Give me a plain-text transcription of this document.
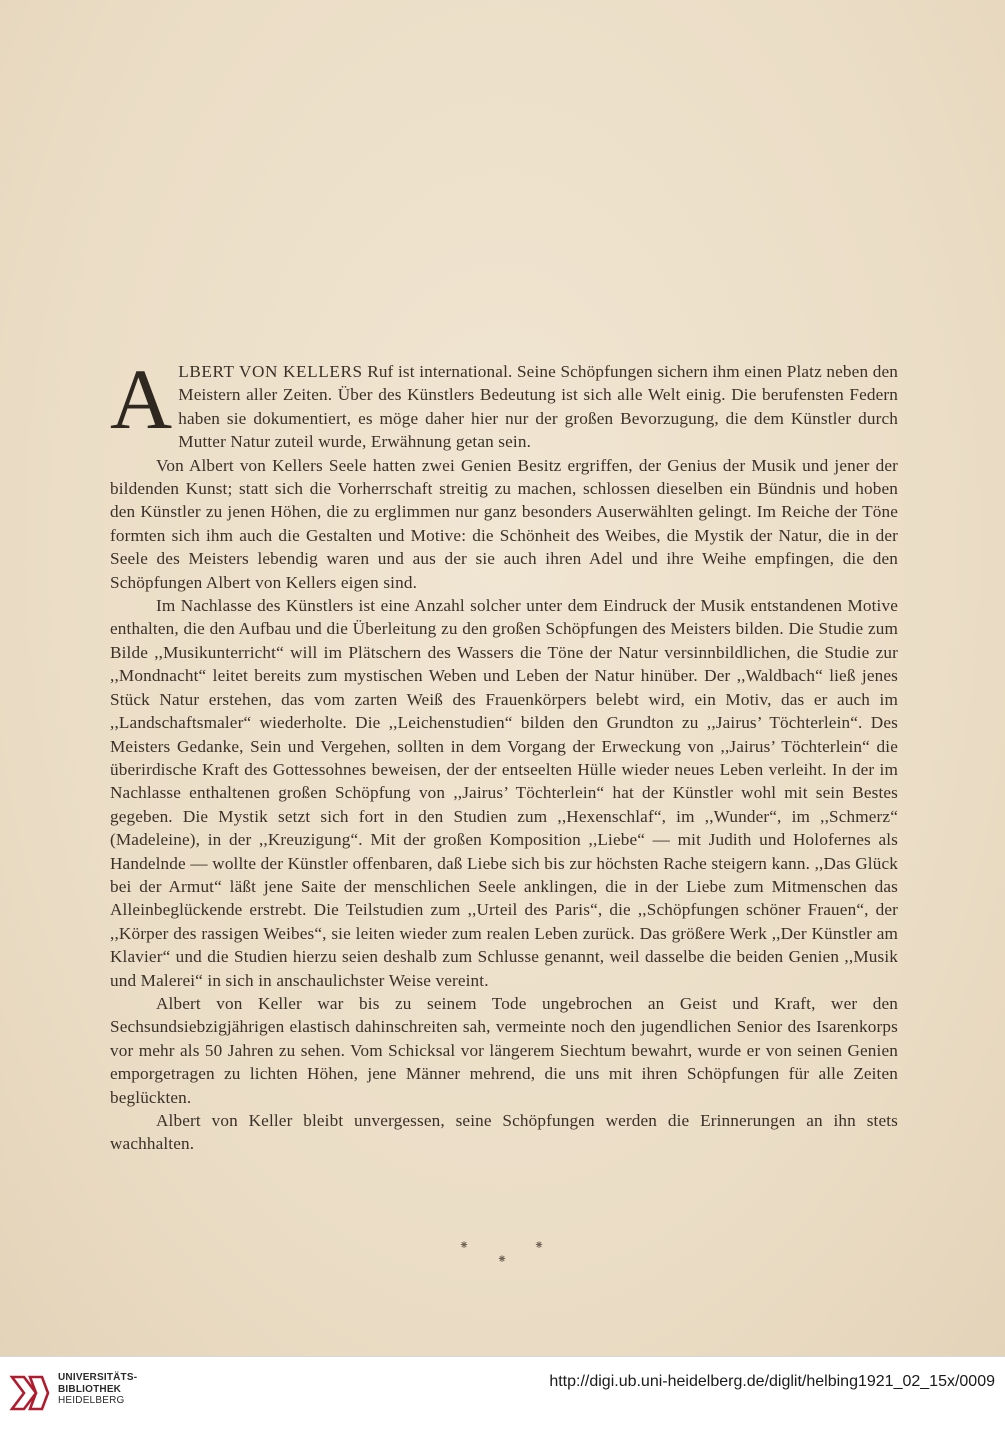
ALBERT VON KELLERS Ruf ist international. Seine Schöpfungen sichern ihm einen Platz neben den Meistern aller Zeiten. Über des Künstlers Bedeutung ist sich alle Welt einig. Die berufensten Federn haben sie dokumentiert, es möge daher hier nur der großen Bevorzugung, die dem Künstler durch Mutter Natur zuteil wurde, Erwähnung getan sein.

Von Albert von Kellers Seele hatten zwei Genien Besitz ergriffen, der Genius der Musik und jener der bildenden Kunst; statt sich die Vorherrschaft streitig zu machen, schlossen dieselben ein Bündnis und hoben den Künstler zu jenen Höhen, die zu erglimmen nur ganz besonders Auserwählten gelingt. Im Reiche der Töne formten sich ihm auch die Gestalten und Motive: die Schönheit des Weibes, die Mystik der Natur, die in der Seele des Meisters lebendig waren und aus der sie auch ihren Adel und ihre Weihe empfingen, die den Schöpfungen Albert von Kellers eigen sind.

Im Nachlasse des Künstlers ist eine Anzahl solcher unter dem Eindruck der Musik entstandenen Motive enthalten, die den Aufbau und die Überleitung zu den großen Schöpfungen des Meisters bilden. Die Studie zum Bilde ,,Musikunterricht“ will im Plätschern des Wassers die Töne der Natur versinnbildlichen, die Studie zur ,,Mondnacht“ leitet bereits zum mystischen Weben und Leben der Natur hinüber. Der ,,Waldbach“ ließ jenes Stück Natur erstehen, das vom zarten Weiß des Frauenkörpers belebt wird, ein Motiv, das er auch im ,,Landschaftsmaler“ wiederholte. Die ,,Leichenstudien“ bilden den Grundton zu ,,Jairus’ Töchterlein“. Des Meisters Gedanke, Sein und Vergehen, sollten in dem Vorgang der Erweckung von ,,Jairus’ Töchterlein“ die überirdische Kraft des Gottessohnes beweisen, der der entseelten Hülle wieder neues Leben verleiht. In der im Nachlasse enthaltenen großen Schöpfung von ,,Jairus’ Töchterlein“ hat der Künstler wohl mit sein Bestes gegeben. Die Mystik setzt sich fort in den Studien zum ,,Hexenschlaf“, im ,,Wunder“, im ,,Schmerz“ (Madeleine), in der ,,Kreuzigung“. Mit der großen Komposition ,,Liebe“ — mit Judith und Holofernes als Handelnde — wollte der Künstler offenbaren, daß Liebe sich bis zur höchsten Rache steigern kann. ,,Das Glück bei der Armut“ läßt jene Saite der menschlichen Seele anklingen, die in der Liebe zum Mitmenschen das Alleinbeglückende erstrebt. Die Teilstudien zum ,,Urteil des Paris“, die ,,Schöpfungen schöner Frauen“, der ,,Körper des rassigen Weibes“, sie leiten wieder zum realen Leben zurück. Das größere Werk ,,Der Künstler am Klavier“ und die Studien hierzu seien deshalb zum Schlusse genannt, weil dasselbe die beiden Genien ,,Musik und Malerei“ in sich in anschaulichster Weise vereint.

Albert von Keller war bis zu seinem Tode ungebrochen an Geist und Kraft, wer den Sechsundsiebzigjährigen elastisch dahinschreiten sah, vermeinte noch den jugendlichen Senior des Isarenkorps vor mehr als 50 Jahren zu sehen. Vom Schicksal vor längerem Siechtum bewahrt, wurde er von seinen Genien emporgetragen zu lichten Höhen, jene Männer mehrend, die uns mit ihren Schöpfungen für alle Zeiten beglückten.

Albert von Keller bleibt unvergessen, seine Schöpfungen werden die Erinnerungen an ihn stets wachhalten.

⁕	⁕
⁕
UNIVERSITÄTS-
BIBLIOTHEK
HEIDELBERG
http://digi.ub.uni-heidelberg.de/diglit/helbing1921_02_15x/0009
